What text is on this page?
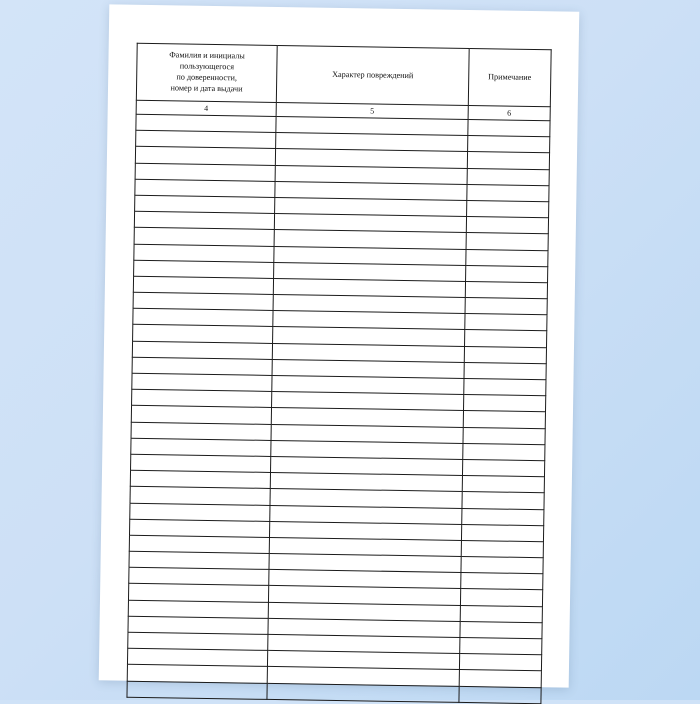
Фамилия и инициалы
пользующегося
по доверенности,
номер и дата выдачи	Характер повреждений	Примечание

4	5	6
